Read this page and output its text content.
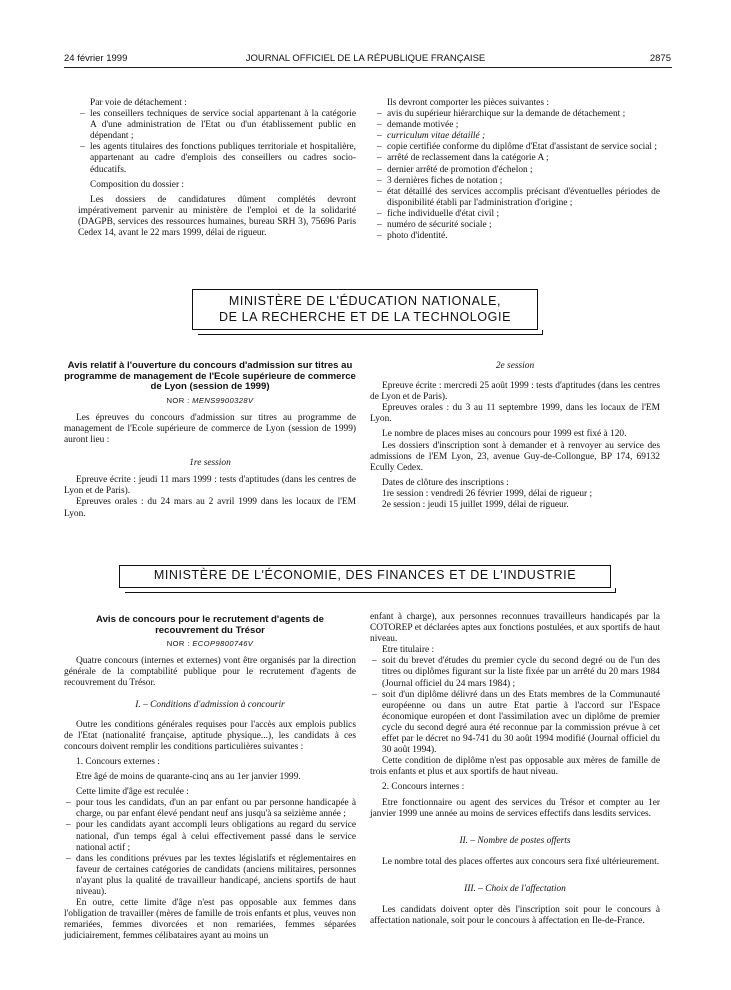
24 février 1999	JOURNAL OFFICIEL DE LA RÉPUBLIQUE FRANÇAISE	2875

Par voie de détachement :

– les conseillers techniques de service social appartenant à la catégorie A d'une administration de l'Etat ou d'un établissement public en dépendant ;
– les agents titulaires des fonctions publiques territoriale et hospitalière, appartenant au cadre d'emplois des conseillers ou cadres socio-éducatifs.

Composition du dossier :

Les dossiers de candidatures dûment complétés devront impérativement parvenir au ministère de l'emploi et de la solidarité (DAGPB, services des ressources humaines, bureau SRH 3), 75696 Paris Cedex 14, avant le 22 mars 1999, délai de rigueur.

Ils devront comporter les pièces suivantes :

– avis du supérieur hiérarchique sur la demande de détachement ;
– demande motivée ;
– curriculum vitae détaillé ;
– copie certifiée conforme du diplôme d'Etat d'assistant de service social ;
– arrêté de reclassement dans la catégorie A ;
– dernier arrêté de promotion d'échelon ;
– 3 dernières fiches de notation ;
– état détaillé des services accomplis précisant d'éventuelles périodes de disponibilité établi par l'administration d'origine ;
– fiche individuelle d'état civil ;
– numéro de sécurité sociale ;
– photo d'identité.
MINISTÈRE DE L'ÉDUCATION NATIONALE,
DE LA RECHERCHE ET DE LA TECHNOLOGIE

Avis relatif à l'ouverture du concours d'admission sur titres au programme de management de l'Ecole supérieure de commerce de Lyon (session de 1999)

NOR : MENS9900328V

Les épreuves du concours d'admission sur titres au programme de management de l'Ecole supérieure de commerce de Lyon (session de 1999) auront lieu :

1re session

Epreuve écrite : jeudi 11 mars 1999 : tests d'aptitudes (dans les centres de Lyon et de Paris).

Epreuves orales : du 24 mars au 2 avril 1999 dans les locaux de l'EM Lyon.

2e session

Epreuve écrite : mercredi 25 août 1999 : tests d'aptitudes (dans les centres de Lyon et de Paris).

Epreuves orales : du 3 au 11 septembre 1999, dans les locaux de l'EM Lyon.

Le nombre de places mises au concours pour 1999 est fixé à 120.

Les dossiers d'inscription sont à demander et à renvoyer au service des admissions de l'EM Lyon, 23, avenue Guy-de-Collongue, BP 174, 69132 Ecully Cedex.

Dates de clôture des inscriptions :

1re session : vendredi 26 février 1999, délai de rigueur ;

2e session : jeudi 15 juillet 1999, délai de rigueur.

MINISTÈRE DE L'ÉCONOMIE, DES FINANCES ET DE L'INDUSTRIE

Avis de concours pour le recrutement d'agents de recouvrement du Trésor

NOR : ECOP9800746V

Quatre concours (internes et externes) vont être organisés par la direction générale de la comptabilité publique pour le recrutement d'agents de recouvrement du Trésor.

I. – Conditions d'admission à concourir

Outre les conditions générales requises pour l'accès aux emplois publics de l'Etat (nationalité française, aptitude physique...), les candidats à ces concours doivent remplir les conditions particulières suivantes :

1. Concours externes :

Etre âgé de moins de quarante-cinq ans au 1er janvier 1999.

Cette limite d'âge est reculée :

– pour tous les candidats, d'un an par enfant ou par personne handicapée à charge, ou par enfant élevé pendant neuf ans jusqu'à sa seizième année ;
– pour les candidats ayant accompli leurs obligations au regard du service national, d'un temps égal à celui effectivement passé dans le service national actif ;
– dans les conditions prévues par les textes législatifs et réglementaires en faveur de certaines catégories de candidats (anciens militaires, personnes n'ayant plus la qualité de travailleur handicapé, anciens sportifs de haut niveau).

En outre, cette limite d'âge n'est pas opposable aux femmes dans l'obligation de travailler (mères de famille de trois enfants et plus, veuves non remariées, femmes divorcées et non remariées, femmes séparées judiciairement, femmes célibataires ayant au moins un

enfant à charge), aux personnes reconnues travailleurs handicapés par la COTOREP et déclarées aptes aux fonctions postulées, et aux sportifs de haut niveau.

Etre titulaire :

– soit du brevet d'études du premier cycle du second degré ou de l'un des titres ou diplômes figurant sur la liste fixée par un arrêté du 20 mars 1984 (Journal officiel du 24 mars 1984) ;
– soit d'un diplôme délivré dans un des Etats membres de la Communauté européenne ou dans un autre Etat partie à l'accord sur l'Espace économique européen et dont l'assimilation avec un diplôme de premier cycle du second degré aura été reconnue par la commission prévue à cet effet par le décret no 94-741 du 30 août 1994 modifié (Journal officiel du 30 août 1994).

Cette condition de diplôme n'est pas opposable aux mères de famille de trois enfants et plus et aux sportifs de haut niveau.

2. Concours internes :

Etre fonctionnaire ou agent des services du Trésor et compter au 1er janvier 1999 une année au moins de services effectifs dans lesdits services.

II. – Nombre de postes offerts

Le nombre total des places offertes aux concours sera fixé ultérieurement.

III. – Choix de l'affectation

Les candidats doivent opter dès l'inscription soit pour le concours à affectation nationale, soit pour le concours à affectation en Ile-de-France.
